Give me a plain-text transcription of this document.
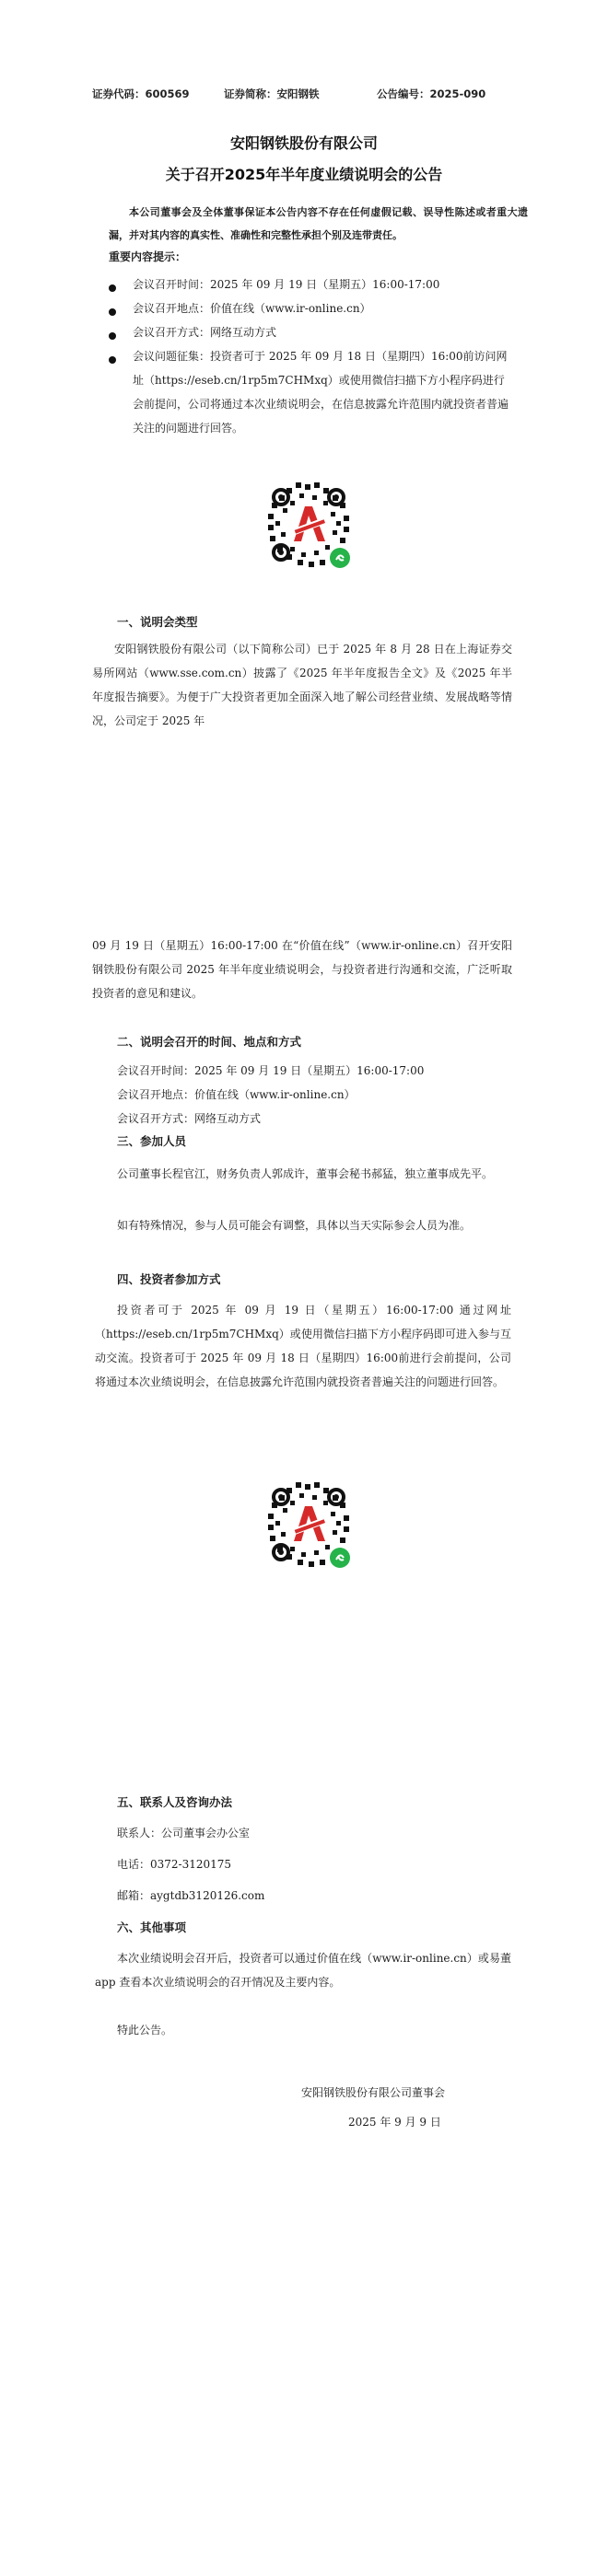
证券代码：600569	证券简称：安阳钢铁	公告编号：2025-090
安阳钢铁股份有限公司
关于召开2025年半年度业绩说明会的公告
本公司董事会及全体董事保证本公告内容不存在任何虚假记载、误导性陈述或者重大遗漏，并对其内容的真实性、准确性和完整性承担个别及连带责任。
重要内容提示：
会议召开时间：2025 年 09 月 19 日（星期五）16:00-17:00
会议召开地点：价值在线（www.ir-online.cn）
会议召开方式：网络互动方式
会议问题征集：投资者可于 2025 年 09 月 18 日（星期四）16:00前访问网址（https://eseb.cn/1rp5m7CHMxq）或使用微信扫描下方小程序码进行会前提问，公司将通过本次业绩说明会，在信息披露允许范围内就投资者普遍关注的问题进行回答。
一、说明会类型
安阳钢铁股份有限公司（以下简称公司）已于 2025 年 8 月 28 日在上海证券交易所网站（www.sse.com.cn）披露了《2025 年半年度报告全文》及《2025 年半年度报告摘要》。为便于广大投资者更加全面深入地了解公司经营业绩、发展战略等情况，公司定于 2025 年
09 月 19 日（星期五）16:00-17:00 在“价值在线”（www.ir-online.cn）召开安阳钢铁股份有限公司 2025 年半年度业绩说明会，与投资者进行沟通和交流，广泛听取投资者的意见和建议。
二、说明会召开的时间、地点和方式
会议召开时间：2025 年 09 月 19 日（星期五）16:00-17:00
会议召开地点：价值在线（www.ir-online.cn）
会议召开方式：网络互动方式
三、参加人员
公司董事长程官江，财务负责人郭成许，董事会秘书郝猛，独立董事成先平。
如有特殊情况，参与人员可能会有调整，具体以当天实际参会人员为准。
四、投资者参加方式
投资者可于 2025 年 09 月 19 日（星期五）16:00-17:00 通过网址（https://eseb.cn/1rp5m7CHMxq）或使用微信扫描下方小程序码即可进入参与互动交流。投资者可于 2025 年 09 月 18 日（星期四）16:00前进行会前提问，公司将通过本次业绩说明会，在信息披露允许范围内就投资者普遍关注的问题进行回答。
五、联系人及咨询办法
联系人：公司董事会办公室
电话：0372-3120175
邮箱：aygtdb3120126.com
六、其他事项
本次业绩说明会召开后，投资者可以通过价值在线（www.ir-online.cn）或易董 app 查看本次业绩说明会的召开情况及主要内容。
特此公告。
安阳钢铁股份有限公司董事会
2025 年 9 月 9 日
